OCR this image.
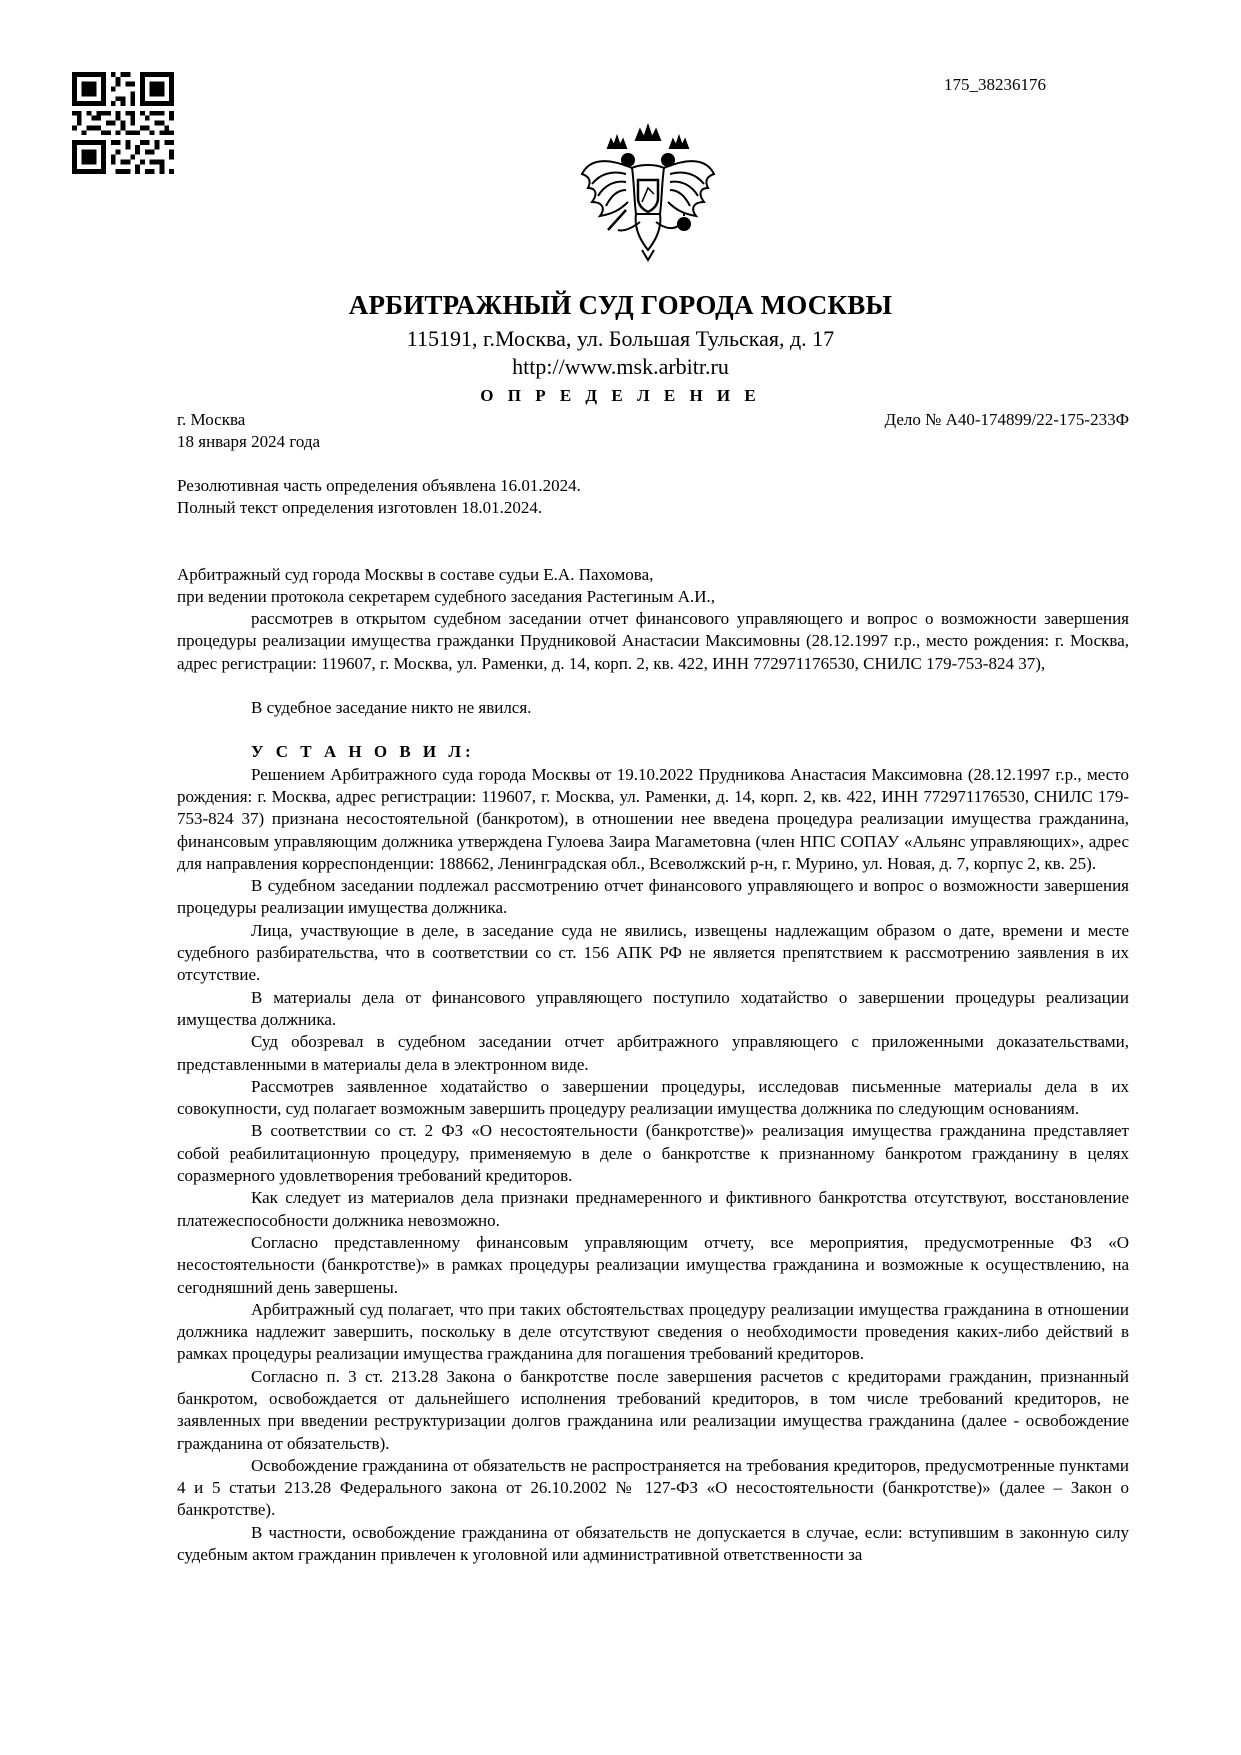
175_38236176
АРБИТРАЖНЫЙ СУД ГОРОДА МОСКВЫ
115191, г.Москва, ул. Большая Тульская, д. 17
http://www.msk.arbitr.ru
О П Р Е Д Е Л Е Н И Е
г. Москва	Дело № А40-174899/22-175-233Ф
18 января 2024 года

Резолютивная часть определения объявлена 16.01.2024.

Полный текст определения изготовлен 18.01.2024.

Арбитражный суд города Москвы в составе судьи Е.А. Пахомова,

при ведении протокола секретарем судебного заседания Растегиным А.И.,

рассмотрев в открытом судебном заседании отчет финансового управляющего и вопрос о возможности завершения процедуры реализации имущества гражданки Прудниковой Анастасии Максимовны (28.12.1997 г.р., место рождения: г. Москва, адрес регистрации: 119607, г. Москва, ул. Раменки, д. 14, корп. 2, кв. 422, ИНН 772971176530, СНИЛС 179-753-824 37),

В судебное заседание никто не явился.

У С Т А Н О В И Л:

Решением Арбитражного суда города Москвы от 19.10.2022 Прудникова Анастасия Максимовна (28.12.1997 г.р., место рождения: г. Москва, адрес регистрации: 119607, г. Москва, ул. Раменки, д. 14, корп. 2, кв. 422, ИНН 772971176530, СНИЛС 179-753-824 37) признана несостоятельной (банкротом), в отношении нее введена процедура реализации имущества гражданина, финансовым управляющим должника утверждена Гулоева Заира Магаметовна (член НПС СОПАУ «Альянс управляющих», адрес для направления корреспонденции: 188662, Ленинградская обл., Всеволжский р-н, г. Мурино, ул. Новая, д. 7, корпус 2, кв. 25).

В судебном заседании подлежал рассмотрению отчет финансового управляющего и вопрос о возможности завершения процедуры реализации имущества должника.

Лица, участвующие в деле, в заседание суда не явились, извещены надлежащим образом о дате, времени и месте судебного разбирательства, что в соответствии со ст. 156 АПК РФ не является препятствием к рассмотрению заявления в их отсутствие.

В материалы дела от финансового управляющего поступило ходатайство о завершении процедуры реализации имущества должника.

Суд обозревал в судебном заседании отчет арбитражного управляющего с приложенными доказательствами, представленными в материалы дела в электронном виде.

Рассмотрев заявленное ходатайство о завершении процедуры, исследовав письменные материалы дела в их совокупности, суд полагает возможным завершить процедуру реализации имущества должника по следующим основаниям.

В соответствии со ст. 2 ФЗ «О несостоятельности (банкротстве)» реализация имущества гражданина представляет собой реабилитационную процедуру, применяемую в деле о банкротстве к признанному банкротом гражданину в целях соразмерного удовлетворения требований кредиторов.

Как следует из материалов дела признаки преднамеренного и фиктивного банкротства отсутствуют, восстановление платежеспособности должника невозможно.

Согласно представленному финансовым управляющим отчету, все мероприятия, предусмотренные ФЗ «О несостоятельности (банкротстве)» в рамках процедуры реализации имущества гражданина и возможные к осуществлению, на сегодняшний день завершены.

Арбитражный суд полагает, что при таких обстоятельствах процедуру реализации имущества гражданина в отношении должника надлежит завершить, поскольку в деле отсутствуют сведения о необходимости проведения каких-либо действий в рамках процедуры реализации имущества гражданина для погашения требований кредиторов.

Согласно п. 3 ст. 213.28 Закона о банкротстве после завершения расчетов с кредиторами гражданин, признанный банкротом, освобождается от дальнейшего исполнения требований кредиторов, в том числе требований кредиторов, не заявленных при введении реструктуризации долгов гражданина или реализации имущества гражданина (далее - освобождение гражданина от обязательств).

Освобождение гражданина от обязательств не распространяется на требования кредиторов, предусмотренные пунктами 4 и 5 статьи 213.28 Федерального закона от 26.10.2002 № 127-ФЗ «О несостоятельности (банкротстве)» (далее – Закон о банкротстве).

В частности, освобождение гражданина от обязательств не допускается в случае, если: вступившим в законную силу судебным актом гражданин привлечен к уголовной или административной ответственности за
